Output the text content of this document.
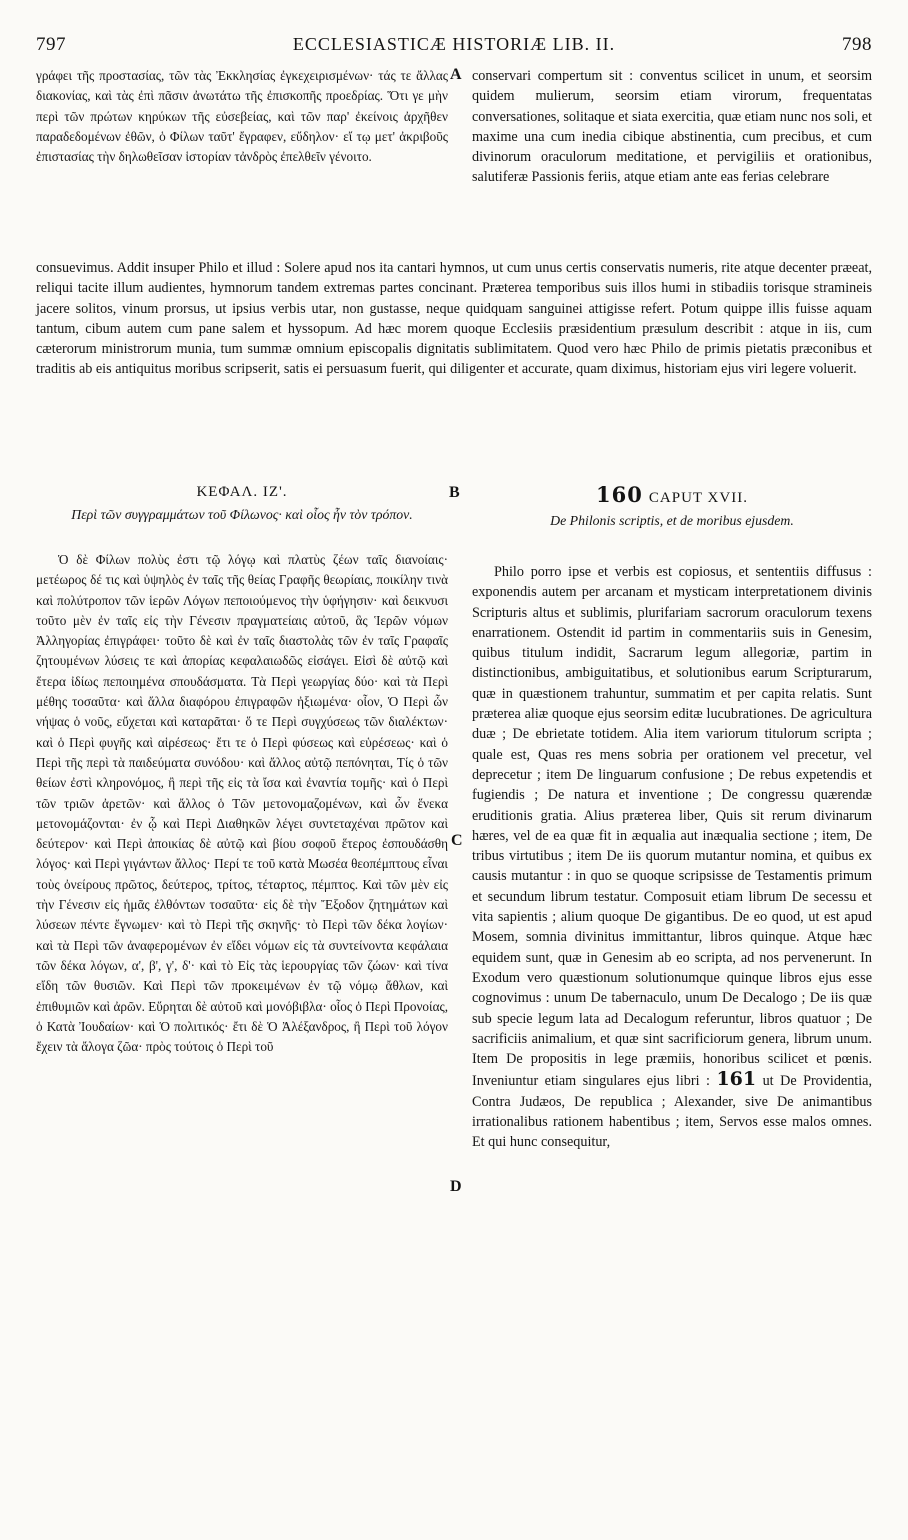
797	ECCLESIASTICÆ HISTORIÆ LIB. II.	798

γράφει τῆς προστασίας, τῶν τὰς Ἐκκλησίας ἐγκεχειρισμένων· τάς τε ἄλλας διακονίας, καὶ τὰς ἐπὶ πᾶσιν ἀνωτάτω τῆς ἐπισκοπῆς προεδρίας. Ὅτι γε μὴν περὶ τῶν πρώτων κηρύκων τῆς εὐσεβείας, καὶ τῶν παρ' ἐκείνοις ἀρχῆθεν παραδεδομένων ἐθῶν, ὁ Φίλων ταῦτ' ἔγραφεν, εὔδηλον· εἴ τῳ μετ' ἀκριβοῦς ἐπιστασίας τὴν δηλωθεῖσαν ἱστορίαν τἀνδρὸς ἐπελθεῖν γένοιτο.

A conservari compertum sit : conventus scilicet in unum, et seorsim quidem mulierum, seorsim etiam virorum, frequentatas conversationes, solitaque et siata exercitia, quæ etiam nunc nos soli, et maxime una cum inedia cibique abstinentia, cum precibus, et cum divinorum oraculorum meditatione, et pervigiliis et orationibus, salutiferæ Passionis feriis, atque etiam ante eas ferias celebrare

consuevimus. Addit insuper Philo et illud : Solere apud nos ita cantari hymnos, ut cum unus certis conservatis numeris, rite atque decenter præeat, reliqui tacite illum audientes, hymnorum tandem extremas partes concinant. Præterea temporibus suis illos humi in stibadiis torisque stramineis jacere solitos, vinum prorsus, ut ipsius verbis utar, non gustasse, neque quidquam sanguinei attigisse refert. Potum quippe illis fuisse aquam tantum, cibum autem cum pane salem et hyssopum. Ad hæc morem quoque Ecclesiis præsidentium præsulum describit : atque in iis, cum cæterorum ministrorum munia, tum summæ omnium episcopalis dignitatis sublimitatem. Quod vero hæc Philo de primis pietatis præconibus et traditis ab eis antiquitus moribus scripserit, satis ei persuasum fuerit, qui diligenter et accurate, quam diximus, historiam ejus viri legere voluerit.

ΚΕΦΑΛ. ΙΖ'.
Περὶ τῶν συγγραμμάτων τοῦ Φίλωνος· καὶ οἷος ἦν τὸν τρόπον.
B	160 CAPUT XVII.
De Philonis scriptis, et de moribus ejusdem.

Ὁ δὲ Φίλων πολὺς ἐστι τῷ λόγῳ καὶ πλατὺς ζέων ταῖς διανοίαις· μετέωρος δέ τις καὶ ὑψηλὸς ἐν ταῖς τῆς θείας Γραφῆς θεωρίαις, ποικίλην τινὰ καὶ πολύτροπον τῶν ἱερῶν Λόγων πεποιούμενος τὴν ὑφήγησιν· καὶ δεικνυσι τοῦτο μὲν ἐν ταῖς εἰς τὴν Γένεσιν πραγματείαις αὐτοῦ, ἃς Ἱερῶν νόμων Ἀλληγορίας ἐπιγράφει· τοῦτο δὲ καὶ ἐν ταῖς διαστολὰς τῶν ἐν ταῖς Γραφαῖς ζητουμένων λύσεις τε καὶ ἀπορίας κεφαλαιωδῶς εἰσάγει. Εἰσὶ δὲ αὐτῷ καὶ ἕτερα ἰδίως πεποιημένα σπουδάσματα. Τὰ Περὶ γεωργίας δύο· καὶ τὰ Περὶ μέθης τοσαῦτα· καὶ ἄλλα διαφόρου ἐπιγραφῶν ἠξιωμένα· οἷον, Ὁ Περὶ ὧν νήψας ὁ νοῦς, εὔχεται καὶ καταρᾶται· ὅ τε Περὶ συγχύσεως τῶν διαλέκτων· καὶ ὁ Περὶ φυγῆς καὶ αἱρέσεως· ἔτι τε ὁ Περὶ φύσεως καὶ εὑρέσεως· καὶ ὁ Περὶ τῆς περὶ τὰ παιδεύματα συνόδου· καὶ ἄλλος αὐτῷ πεπόνηται, Τίς ὁ τῶν θείων ἐστὶ κληρονόμος, ἢ περὶ τῆς εἰς τὰ ἴσα καὶ ἐναντία τομῆς· καὶ ὁ Περὶ τῶν τριῶν ἀρετῶν· καὶ ἄλλος ὁ Τῶν μετονομαζομένων, καὶ ὧν ἕνεκα μετονομάζονται· ἐν ᾧ καὶ Περὶ Διαθηκῶν λέγει συντεταχέναι πρῶτον καὶ δεύτερον· καὶ Περὶ ἀποικίας δὲ αὐτῷ καὶ βίου σοφοῦ ἕτερος ἐσπουδάσθη λόγος· καὶ Περὶ γιγάντων ἄλλος· Περί τε τοῦ κατὰ Μωσέα θεοπέμπτους εἶναι τοὺς ὀνείρους πρῶτος, δεύτερος, τρίτος, τέταρτος, πέμπτος. Καὶ τῶν μὲν εἰς τὴν Γένεσιν εἰς ἡμᾶς ἐλθόντων τοσαῦτα· εἰς δὲ τὴν Ἔξοδον ζητημάτων καὶ λύσεων πέντε ἔγνωμεν· καὶ τὸ Περὶ τῆς σκηνῆς· τὸ Περὶ τῶν δέκα λογίων· καὶ τὰ Περὶ τῶν ἀναφερομένων ἐν εἴδει νόμων εἰς τὰ συντείνοντα κεφάλαια τῶν δέκα λόγων, α', β', γ', δ'· καὶ τὸ Εἰς τὰς ἱερουργίας τῶν ζώων· καὶ τίνα εἴδη τῶν θυσιῶν. Καὶ Περὶ τῶν προκειμένων ἐν τῷ νόμῳ ἄθλων, καὶ ἐπιθυμιῶν καὶ ἀρῶν. Εὕρηται δὲ αὐτοῦ καὶ μονόβιβλα· οἷος ὁ Περὶ Προνοίας, ὁ Κατὰ Ἰουδαίων· καὶ Ὁ πολιτικός· ἔτι δὲ Ὁ Ἀλέξανδρος, ἢ Περὶ τοῦ λόγον ἔχειν τὰ ἄλογα ζῶα· πρὸς τούτοις ὁ Περὶ τοῦ

C
D

Philo porro ipse et verbis est copiosus, et sententiis diffusus : exponendis autem per arcanam et mysticam interpretationem divinis Scripturis altus et sublimis, plurifariam sacrorum oraculorum texens enarrationem. Ostendit id partim in commentariis suis in Genesim, quibus titulum indidit, Sacrarum legum allegoriæ, partim in distinctionibus, ambiguitatibus, et solutionibus earum Scripturarum, quæ in quæstionem trahuntur, summatim et per capita relatis. Sunt præterea aliæ quoque ejus seorsim editæ lucubrationes. De agricultura duæ ; De ebrietate totidem. Alia item variorum titulorum scripta ; quale est, Quas res mens sobria per orationem vel precetur, vel deprecetur ; item De linguarum confusione ; De rebus expetendis et fugiendis ; De natura et inventione ; De congressu quærendæ eruditionis gratia. Alius præterea liber, Quis sit rerum divinarum hæres, vel de ea quæ fit in æqualia aut inæqualia sectione ; item, De tribus virtutibus ; item De iis quorum mutantur nomina, et quibus ex causis mutantur : in quo se quoque scripsisse de Testamentis primum et secundum librum testatur. Composuit etiam librum De secessu et vita sapientis ; alium quoque De gigantibus. De eo quod, ut est apud Mosem, somnia divinitus immittantur, libros quinque. Atque hæc equidem sunt, quæ in Genesim ab eo scripta, ad nos pervenerunt. In Exodum vero quæstionum solutionumque quinque libros ejus esse cognovimus : unum De tabernaculo, unum De Decalogo ; De iis quæ sub specie legum lata ad Decalogum referuntur, libros quatuor ; De sacrificiis animalium, et quæ sint sacrificiorum genera, librum unum. Item De propositis in lege præmiis, honoribus scilicet et pœnis. Inveniuntur etiam singulares ejus libri : 161 ut De Providentia, Contra Judæos, De republica ; Alexander, sive De animantibus irrationalibus rationem habentibus ; item, Servos esse malos omnes. Et qui hunc consequitur,
